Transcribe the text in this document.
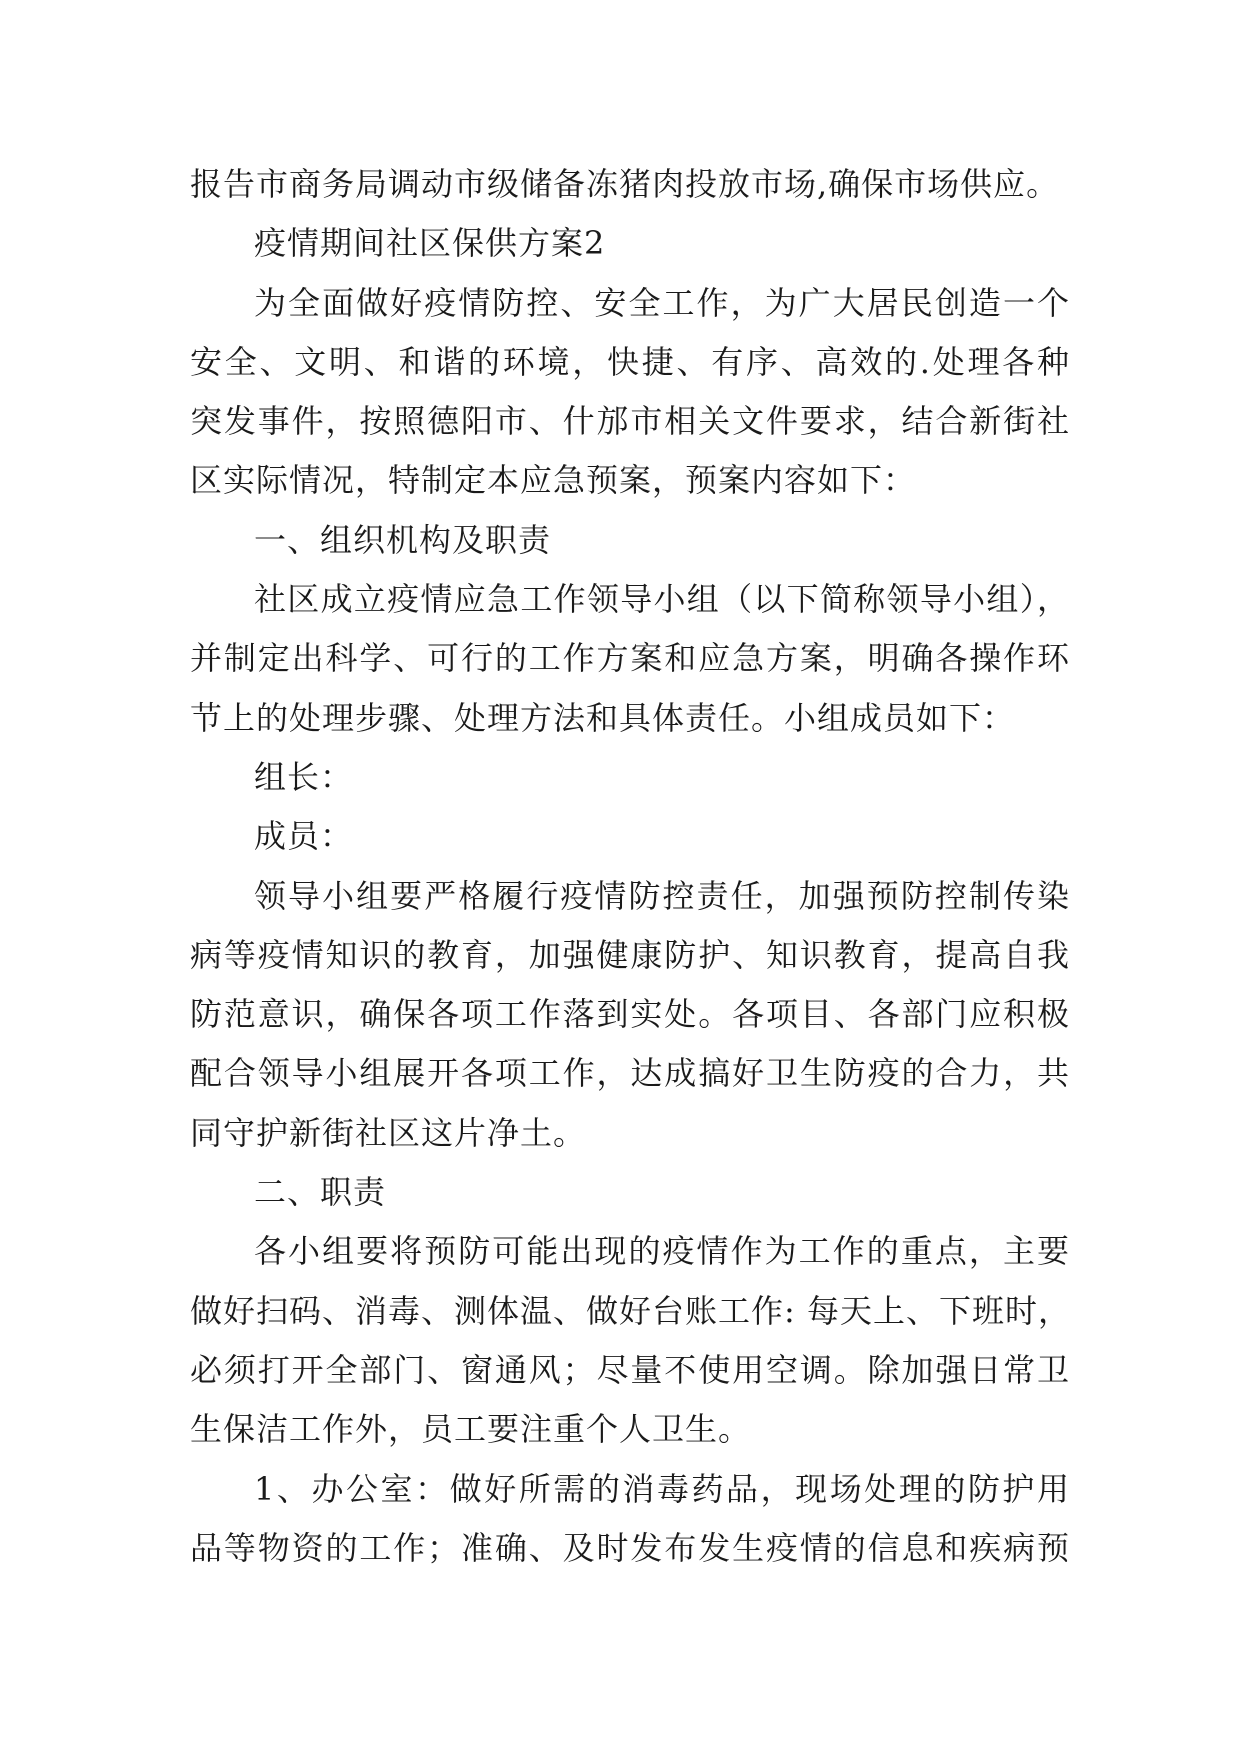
报告市商务局调动市级储备冻猪肉投放市场,确保市场供应。
疫情期间社区保供方案2
为全面做好疫情防控、安全工作，为广大居民创造一个
安全、文明、和谐的环境，快捷、有序、高效的.处理各种
突发事件，按照德阳市、什邡市相关文件要求，结合新街社
区实际情况，特制定本应急预案，预案内容如下：
一、组织机构及职责
社区成立疫情应急工作领导小组（以下简称领导小组），
并制定出科学、可行的工作方案和应急方案，明确各操作环
节上的处理步骤、处理方法和具体责任。小组成员如下：
组长：
成员：
领导小组要严格履行疫情防控责任，加强预防控制传染
病等疫情知识的教育，加强健康防护、知识教育，提高自我
防范意识，确保各项工作落到实处。各项目、各部门应积极
配合领导小组展开各项工作，达成搞好卫生防疫的合力，共
同守护新街社区这片净土。
二、职责
各小组要将预防可能出现的疫情作为工作的重点，主要
做好扫码、消毒、测体温、做好台账工作: 每天上、下班时，
必须打开全部门、窗通风；尽量不使用空调。除加强日常卫
生保洁工作外，员工要注重个人卫生。
1、办公室：做好所需的消毒药品，现场处理的防护用
品等物资的工作；准确、及时发布发生疫情的信息和疾病预
